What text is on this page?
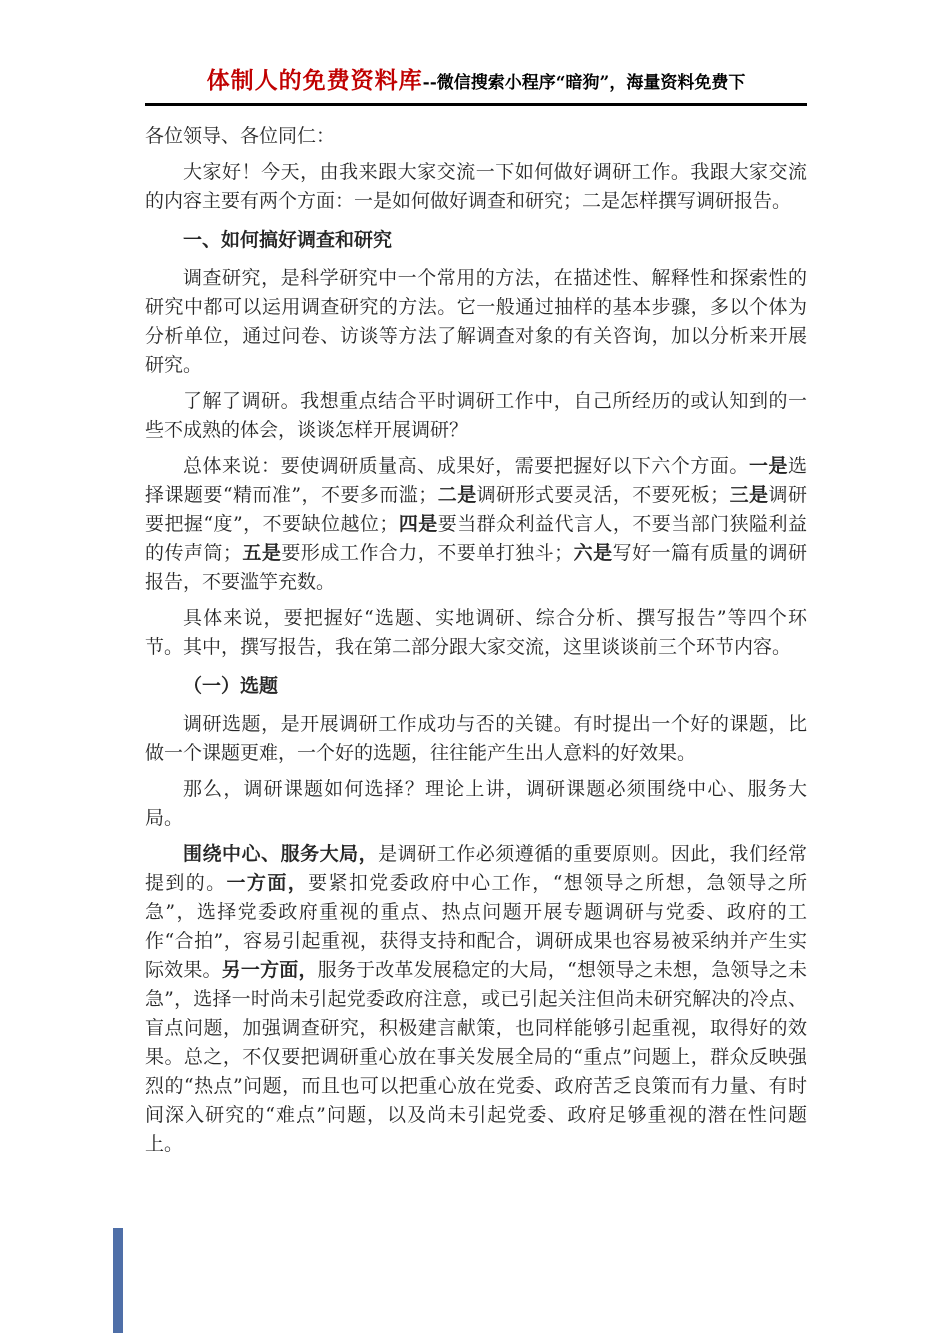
体制人的免费资料库--微信搜索小程序“暗狗”，海量资料免费下

各位领导、各位同仁：

大家好！今天，由我来跟大家交流一下如何做好调研工作。我跟大家交流的内容主要有两个方面：一是如何做好调查和研究；二是怎样撰写调研报告。

一、如何搞好调查和研究

调查研究，是科学研究中一个常用的方法，在描述性、解释性和探索性的研究中都可以运用调查研究的方法。它一般通过抽样的基本步骤，多以个体为分析单位，通过问卷、访谈等方法了解调查对象的有关咨询，加以分析来开展研究。

了解了调研。我想重点结合平时调研工作中，自己所经历的或认知到的一些不成熟的体会，谈谈怎样开展调研？

总体来说：要使调研质量高、成果好，需要把握好以下六个方面。一是选择课题要“精而准”，不要多而滥；二是调研形式要灵活，不要死板；三是调研要把握“度”，不要缺位越位；四是要当群众利益代言人，不要当部门狭隘利益的传声筒；五是要形成工作合力，不要单打独斗；六是写好一篇有质量的调研报告，不要滥竽充数。

具体来说，要把握好“选题、实地调研、综合分析、撰写报告”等四个环节。其中，撰写报告，我在第二部分跟大家交流，这里谈谈前三个环节内容。

（一）选题

调研选题，是开展调研工作成功与否的关键。有时提出一个好的课题，比做一个课题更难，一个好的选题，往往能产生出人意料的好效果。

那么，调研课题如何选择？理论上讲，调研课题必须围绕中心、服务大局。

围绕中心、服务大局，是调研工作必须遵循的重要原则。因此，我们经常提到的。一方面，要紧扣党委政府中心工作，“想领导之所想，急领导之所急”，选择党委政府重视的重点、热点问题开展专题调研与党委、政府的工作“合拍”，容易引起重视，获得支持和配合，调研成果也容易被采纳并产生实际效果。另一方面，服务于改革发展稳定的大局，“想领导之未想，急领导之未急”，选择一时尚未引起党委政府注意，或已引起关注但尚未研究解决的冷点、盲点问题，加强调查研究，积极建言献策，也同样能够引起重视，取得好的效果。总之，不仅要把调研重心放在事关发展全局的“重点”问题上，群众反映强烈的“热点”问题，而且也可以把重心放在党委、政府苦乏良策而有力量、有时间深入研究的“难点”问题，以及尚未引起党委、政府足够重视的潜在性问题上。
